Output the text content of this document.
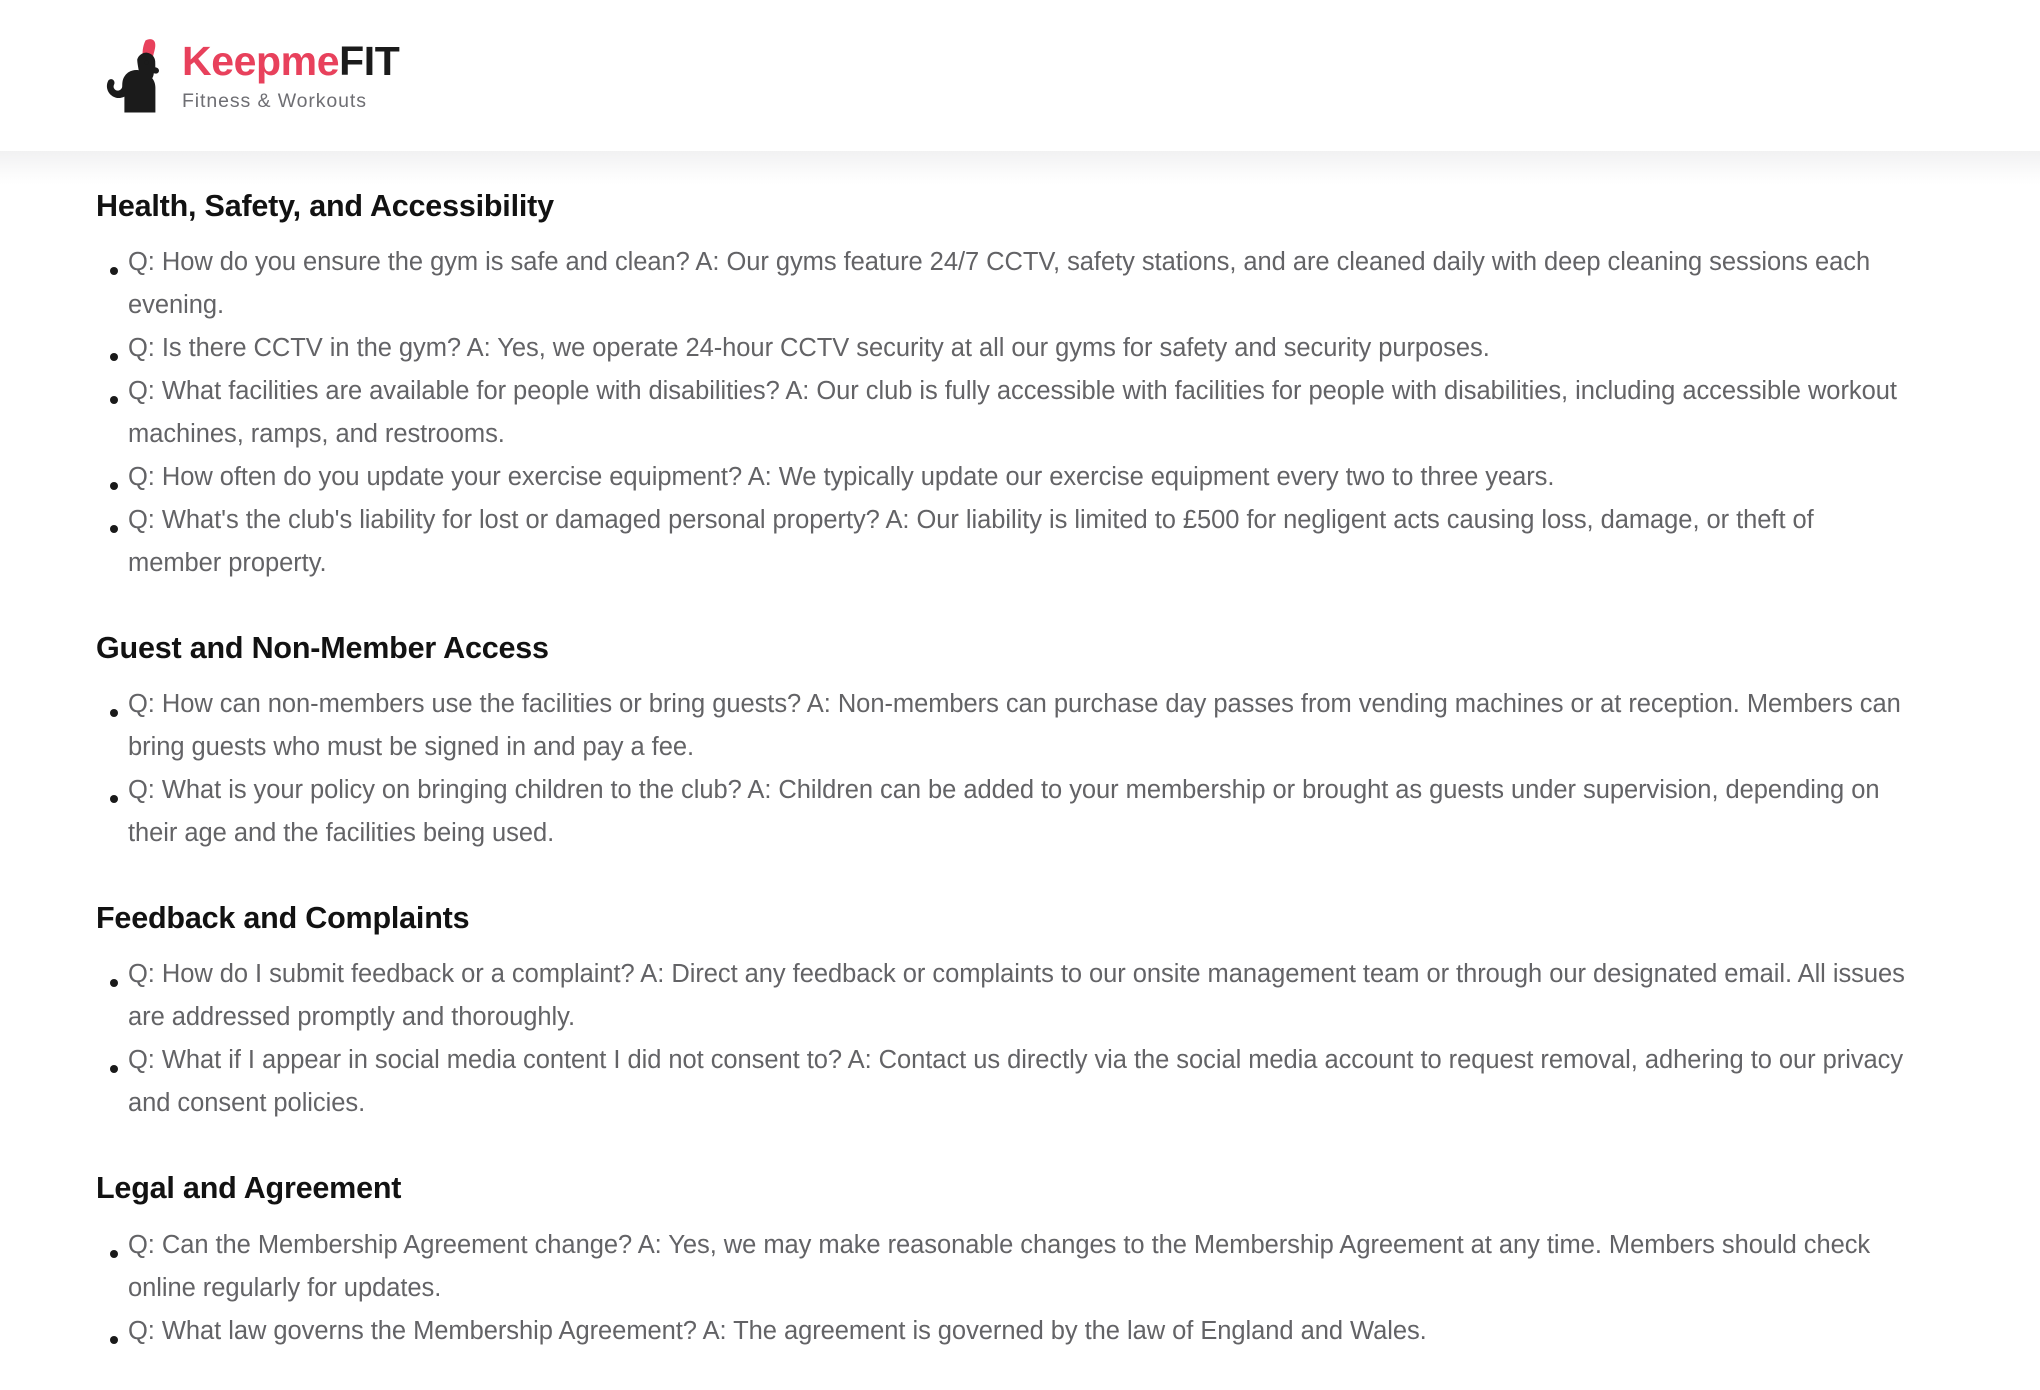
KeepmeFIT
Fitness & Workouts
Health, Safety, and Accessibility
Q: How do you ensure the gym is safe and clean? A: Our gyms feature 24/7 CCTV, safety stations, and are cleaned daily with deep cleaning sessions each evening.
Q: Is there CCTV in the gym? A: Yes, we operate 24-hour CCTV security at all our gyms for safety and security purposes.
Q: What facilities are available for people with disabilities? A: Our club is fully accessible with facilities for people with disabilities, including accessible workout machines, ramps, and restrooms.
Q: How often do you update your exercise equipment? A: We typically update our exercise equipment every two to three years.
Q: What's the club's liability for lost or damaged personal property? A: Our liability is limited to £500 for negligent acts causing loss, damage, or theft of member property.
Guest and Non-Member Access
Q: How can non-members use the facilities or bring guests? A: Non-members can purchase day passes from vending machines or at reception. Members can bring guests who must be signed in and pay a fee.
Q: What is your policy on bringing children to the club? A: Children can be added to your membership or brought as guests under supervision, depending on their age and the facilities being used.
Feedback and Complaints
Q: How do I submit feedback or a complaint? A: Direct any feedback or complaints to our onsite management team or through our designated email. All issues are addressed promptly and thoroughly.
Q: What if I appear in social media content I did not consent to? A: Contact us directly via the social media account to request removal, adhering to our privacy and consent policies.
Legal and Agreement
Q: Can the Membership Agreement change? A: Yes, we may make reasonable changes to the Membership Agreement at any time. Members should check online regularly for updates.
Q: What law governs the Membership Agreement? A: The agreement is governed by the law of England and Wales.
